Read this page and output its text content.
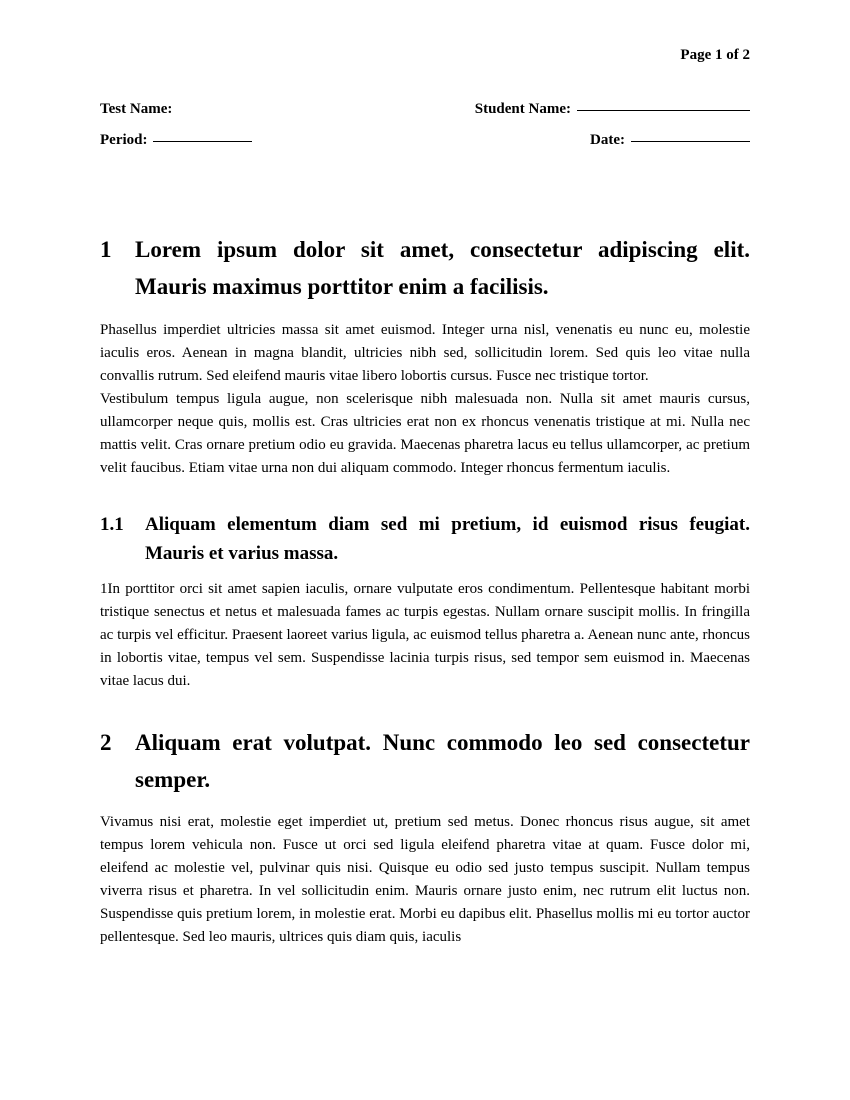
Page 1 of 2
Test Name:	Student Name:
Period:	Date:
1	Lorem ipsum dolor sit amet, consectetur adipiscing elit. Mauris maximus porttitor enim a facilisis.

Phasellus imperdiet ultricies massa sit amet euismod. Integer urna nisl, venenatis eu nunc eu, molestie iaculis eros. Aenean in magna blandit, ultricies nibh sed, sollicitudin lorem. Sed quis leo vitae nulla convallis rutrum. Sed eleifend mauris vitae libero lobortis cursus. Fusce nec tristique tortor.

Vestibulum tempus ligula augue, non scelerisque nibh malesuada non. Nulla sit amet mauris cursus, ullamcorper neque quis, mollis est. Cras ultricies erat non ex rhoncus venenatis tristique at mi. Nulla nec mattis velit. Cras ornare pretium odio eu gravida. Maecenas pharetra lacus eu tellus ullamcorper, ac pretium velit faucibus. Etiam vitae urna non dui aliquam commodo. Integer rhoncus fermentum iaculis.

1.1	Aliquam elementum diam sed mi pretium, id euismod risus feugiat. Mauris et varius massa.

1In porttitor orci sit amet sapien iaculis, ornare vulputate eros condimentum. Pellentesque habitant morbi tristique senectus et netus et malesuada fames ac turpis egestas. Nullam ornare suscipit mollis. In fringilla ac turpis vel efficitur. Praesent laoreet varius ligula, ac euismod tellus pharetra a. Aenean nunc ante, rhoncus in lobortis vitae, tempus vel sem. Suspendisse lacinia turpis risus, sed tempor sem euismod in. Maecenas vitae lacus dui.

2	Aliquam erat volutpat. Nunc commodo leo sed consectetur semper.

Vivamus nisi erat, molestie eget imperdiet ut, pretium sed metus. Donec rhoncus risus augue, sit amet tempus lorem vehicula non. Fusce ut orci sed ligula eleifend pharetra vitae at quam. Fusce dolor mi, eleifend ac molestie vel, pulvinar quis nisi. Quisque eu odio sed justo tempus suscipit. Nullam tempus viverra risus et pharetra. In vel sollicitudin enim. Mauris ornare justo enim, nec rutrum elit luctus non. Suspendisse quis pretium lorem, in molestie erat. Morbi eu dapibus elit. Phasellus mollis mi eu tortor auctor pellentesque. Sed leo mauris, ultrices quis diam quis, iaculis
